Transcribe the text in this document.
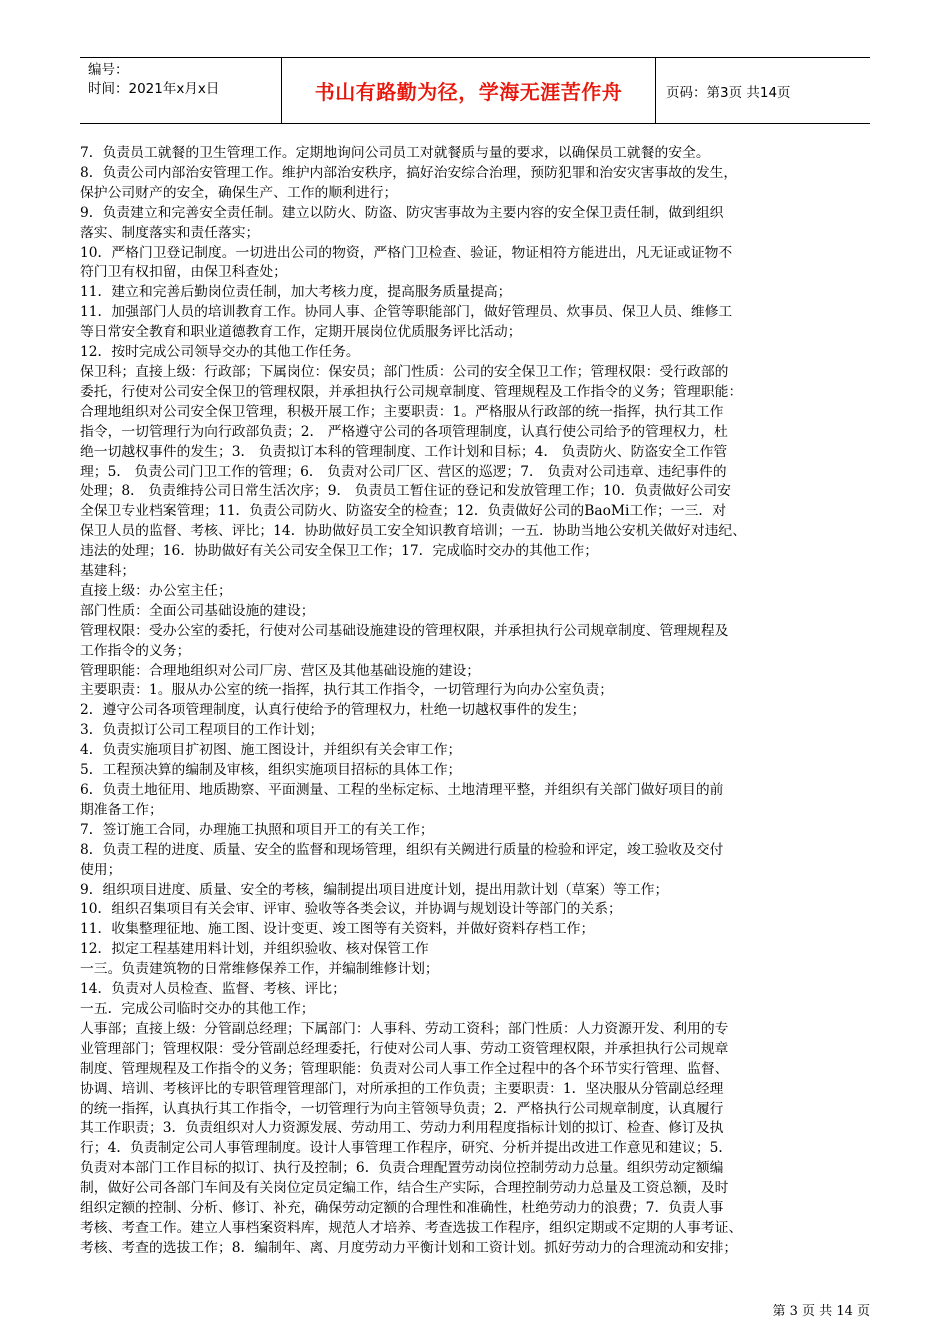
编号：
时间：2021年x月x日	书山有路勤为径，学海无涯苦作舟	页码：第3页 共14页

7．负责员工就餐的卫生管理工作。定期地询问公司员工对就餐质与量的要求，以确保员工就餐的安全。

8．负责公司内部治安管理工作。维护内部治安秩序，搞好治安综合治理，预防犯罪和治安灾害事故的发生，

保护公司财产的安全，确保生产、工作的顺利进行；

9．负责建立和完善安全责任制。建立以防火、防盗、防灾害事故为主要内容的安全保卫责任制，做到组织

落实、制度落实和责任落实；

10．严格门卫登记制度。一切进出公司的物资，严格门卫检查、验证，物证相符方能进出，凡无证或证物不

符门卫有权扣留，由保卫科查处；

11．建立和完善后勤岗位责任制，加大考核力度，提高服务质量提高；

11．加强部门人员的培训教育工作。协同人事、企管等职能部门，做好管理员、炊事员、保卫人员、维修工

等日常安全教育和职业道德教育工作，定期开展岗位优质服务评比活动；

12．按时完成公司领导交办的其他工作任务。

保卫科；直接上级：行政部；下属岗位：保安员；部门性质：公司的安全保卫工作；管理权限：受行政部的

委托，行使对公司安全保卫的管理权限，并承担执行公司规章制度、管理规程及工作指令的义务；管理职能：

合理地组织对公司安全保卫管理，积极开展工作；主要职责：1。严格服从行政部的统一指挥，执行其工作

指令，一切管理行为向行政部负责；2． 严格遵守公司的各项管理制度，认真行使公司给予的管理权力，杜

绝一切越权事件的发生；3． 负责拟订本科的管理制度、工作计划和目标；4． 负责防火、防盗安全工作管

理；5． 负责公司门卫工作的管理；6． 负责对公司厂区、营区的巡逻；7． 负责对公司违章、违纪事件的

处理；8． 负责维持公司日常生活次序；9． 负责员工暂住证的登记和发放管理工作；10．负责做好公司安

全保卫专业档案管理；11．负责公司防火、防盗安全的检查；12．负责做好公司的BaoMi工作；一三．对

保卫人员的监督、考核、评比；14．协助做好员工安全知识教育培训；一五．协助当地公安机关做好对违纪、

违法的处理；16．协助做好有关公司安全保卫工作；17．完成临时交办的其他工作；

基建科；

直接上级：办公室主任；

部门性质：全面公司基础设施的建设；

管理权限：受办公室的委托，行使对公司基础设施建设的管理权限，并承担执行公司规章制度、管理规程及

工作指令的义务；

管理职能：合理地组织对公司厂房、营区及其他基础设施的建设；

主要职责：1。服从办公室的统一指挥，执行其工作指令，一切管理行为向办公室负责；

2．遵守公司各项管理制度，认真行使给予的管理权力，杜绝一切越权事件的发生；

3．负责拟订公司工程项目的工作计划；

4．负责实施项目扩初图、施工图设计，并组织有关会审工作；

5．工程预决算的编制及审核，组织实施项目招标的具体工作；

6．负责土地征用、地质勘察、平面测量、工程的坐标定标、土地清理平整，并组织有关部门做好项目的前

期准备工作；

7．签订施工合同，办理施工执照和项目开工的有关工作；

8．负责工程的进度、质量、安全的监督和现场管理，组织有关阙进行质量的检验和评定，竣工验收及交付

使用；

9．组织项目进度、质量、安全的考核，编制提出项目进度计划，提出用款计划（草案）等工作；

10．组织召集项目有关会审、评审、验收等各类会议，并协调与规划设计等部门的关系；

11．收集整理征地、施工图、设计变更、竣工图等有关资料，并做好资料存档工作；

12．拟定工程基建用料计划，并组织验收、核对保管工作

一三。负责建筑物的日常维修保养工作，并编制维修计划；

14．负责对人员检查、监督、考核、评比；

一五．完成公司临时交办的其他工作；

人事部；直接上级：分管副总经理；下属部门：人事科、劳动工资科；部门性质：人力资源开发、利用的专

业管理部门；管理权限：受分管副总经理委托，行使对公司人事、劳动工资管理权限，并承担执行公司规章

制度、管理规程及工作指令的义务；管理职能：负责对公司人事工作全过程中的各个环节实行管理、监督、

协调、培训、考核评比的专职管理管理部门，对所承担的工作负责；主要职责：1．坚决服从分管副总经理

的统一指挥，认真执行其工作指令，一切管理行为向主管领导负责；2．严格执行公司规章制度，认真履行

其工作职责；3．负责组织对人力资源发展、劳动用工、劳动力利用程度指标计划的拟订、检查、修订及执

行；4．负责制定公司人事管理制度。设计人事管理工作程序，研究、分析并提出改进工作意见和建议；5．

负责对本部门工作目标的拟订、执行及控制；6．负责合理配置劳动岗位控制劳动力总量。组织劳动定额编

制，做好公司各部门车间及有关岗位定员定编工作，结合生产实际，合理控制劳动力总量及工资总额，及时

组织定额的控制、分析、修订、补充，确保劳动定额的合理性和准确性，杜绝劳动力的浪费；7．负责人事

考核、考查工作。建立人事档案资料库，规范人才培养、考查选拔工作程序，组织定期或不定期的人事考证、

考核、考查的选拔工作；8．编制年、离、月度劳动力平衡计划和工资计划。抓好劳动力的合理流动和安排；

第 3 页 共 14 页
